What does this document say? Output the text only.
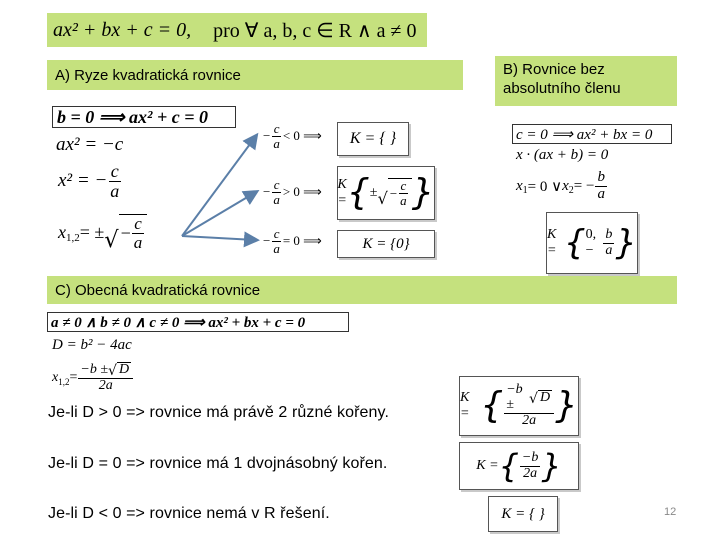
ax² + bx + c = 0, pro ∀ a, b, c ∈ R ∧ a ≠ 0
A) Ryze kvadratická rovnice	B) Rovnice bez absolutního členu
b = 0 ⟹ ax² + c = 0
ax² = −c
x² = − $\frac{c}{a}$
$x_{1,2}$ = ± √ − $\frac{c}{a}$
− $\frac{c}{a} < 0$ ⟹
− $\frac{c}{a} > 0$ ⟹
− $\frac{c}{a} = 0$ ⟹
K = { }
K = { ± √ − $\frac{c}{a}$ }
K = {0}
c = 0 ⟹ ax² + bx = 0
x · (ax + b) = 0
$x_1 = 0$ ∨ $x_2$ = − $\frac{b}{a}$
K = { 0, − $\frac{b}{a}$ }
C) Obecná kvadratická rovnice
a ≠ 0 ∧ b ≠ 0 ∧ c ≠ 0 ⟹ ax² + bx + c = 0
D = b² − 4ac
$x_{1,2} = \frac{-b \pm √ D}{2a}$
Je-li D > 0 => rovnice má právě 2 různé kořeny.
Je-li D = 0 => rovnice má 1 dvojnásobný kořen.
Je-li D < 0 => rovnice nemá v R řešení.
K = { −b ±	√ D
2a }
K = { $\frac{-b}{2a}$ }
K = { }	12
